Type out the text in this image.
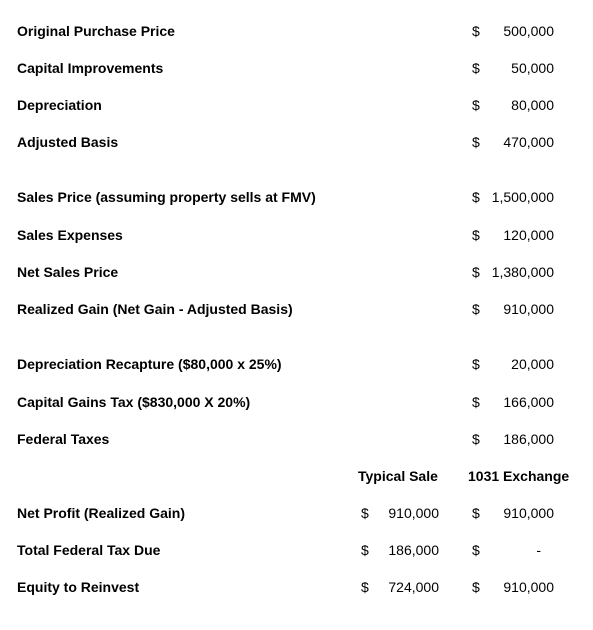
Original Purchase Price	$	500,000
Capital Improvements	$	50,000
Depreciation	$	80,000
Adjusted Basis	$	470,000
Sales Price (assuming property sells at FMV)	$ 1,500,000
Sales Expenses	$	120,000
Net Sales Price	$ 1,380,000
Realized Gain (Net Gain - Adjusted Basis)	$	910,000
Depreciation Recapture ($80,000 x 25%)	$	20,000
Capital Gains Tax ($830,000 X 20%)	$	166,000
Federal Taxes	$	186,000
Typical Sale 1031 Exchange
Net Profit (Realized Gain)	$	910,000 $	910,000
Total Federal Tax Due	$	186,000 $	-
Equity to Reinvest	$	724,000 $	910,000
